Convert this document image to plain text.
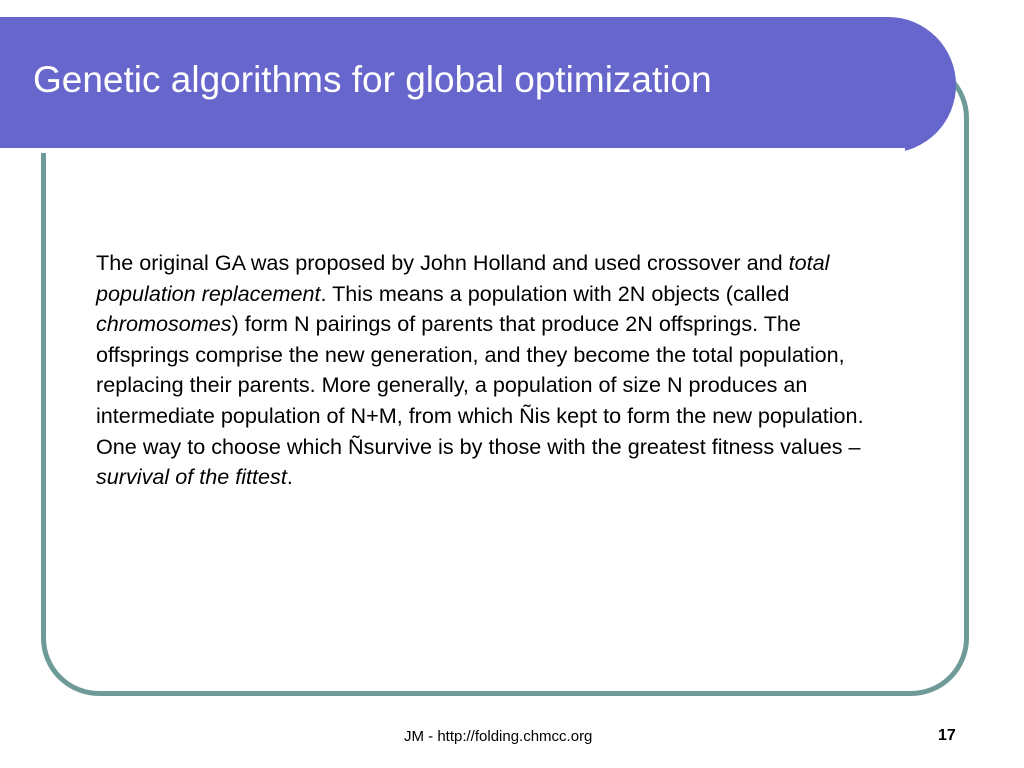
Genetic algorithms for global optimization

The original GA was proposed by John Holland and used crossover and total population replacement. This means a population with 2N objects (called chromosomes) form N pairings of parents that produce 2N offsprings. The offsprings comprise the new generation, and they become the total population, replacing their parents. More generally, a population of size N produces an intermediate population of N+M, from which Ñis kept to form the new population. One way to choose which Ñsurvive is by those with the greatest fitness values –survival of the fittest.

JM - http://folding.chmcc.org	17
